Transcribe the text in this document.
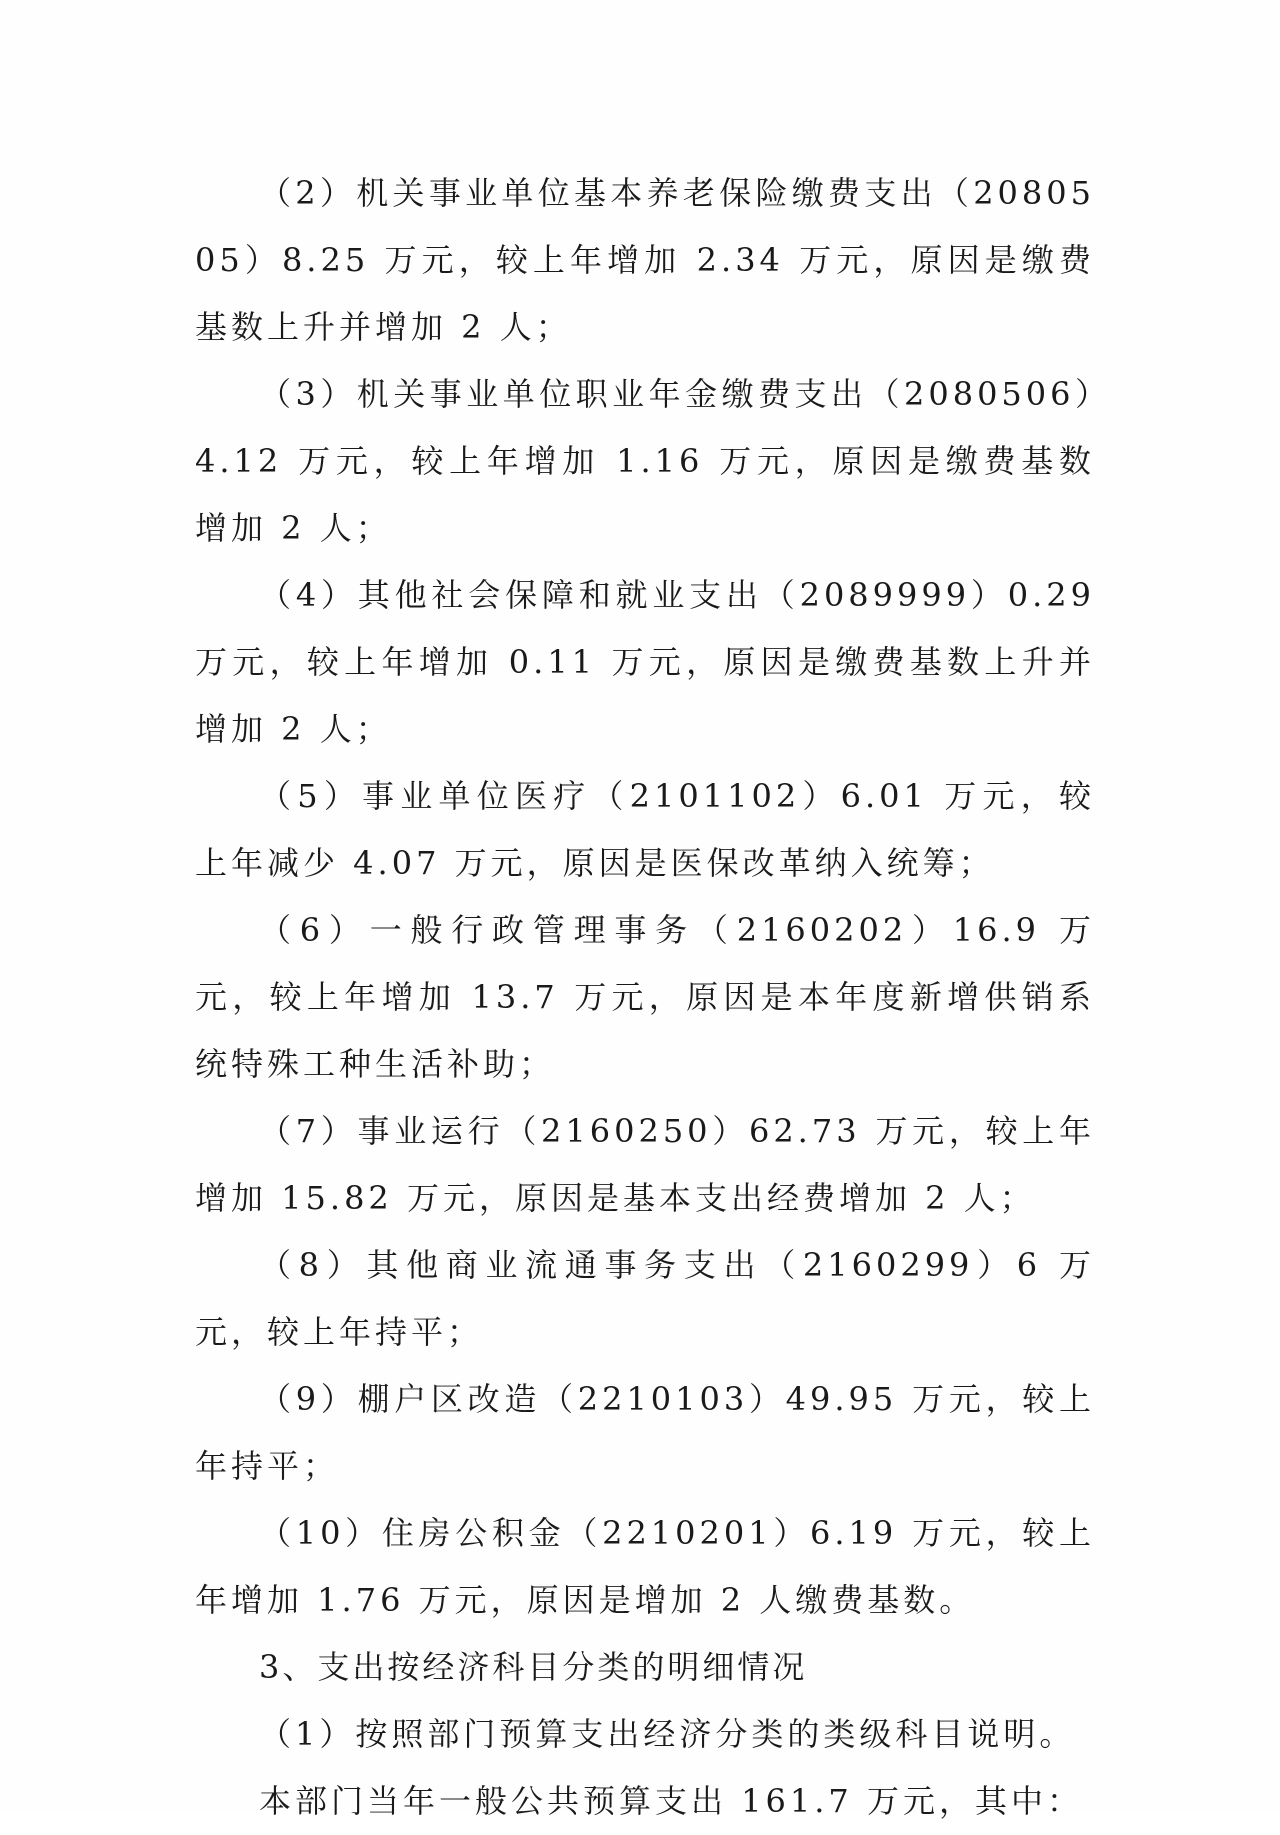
（2）机关事业单位基本养老保险缴费支出（2080505）8.25 万元，较上年增加 2.34 万元，原因是缴费基数上升并增加 2 人；

（3）机关事业单位职业年金缴费支出（2080506）4.12 万元，较上年增加 1.16 万元，原因是缴费基数增加 2 人；

（4）其他社会保障和就业支出（2089999）0.29 万元，较上年增加 0.11 万元，原因是缴费基数上升并增加 2 人；

（5）事业单位医疗（2101102）6.01 万元，较上年减少 4.07 万元，原因是医保改革纳入统筹；

（6）一般行政管理事务（2160202）16.9 万元，较上年增加 13.7 万元，原因是本年度新增供销系统特殊工种生活补助；

（7）事业运行（2160250）62.73 万元，较上年增加 15.82 万元，原因是基本支出经费增加 2 人；

（8）其他商业流通事务支出（2160299）6 万元，较上年持平；

（9）棚户区改造（2210103）49.95 万元，较上年持平；

（10）住房公积金（2210201）6.19 万元，较上年增加 1.76 万元，原因是增加 2 人缴费基数。

3、支出按经济科目分类的明细情况

（1）按照部门预算支出经济分类的类级科目说明。

本部门当年一般公共预算支出 161.7 万元，其中：
